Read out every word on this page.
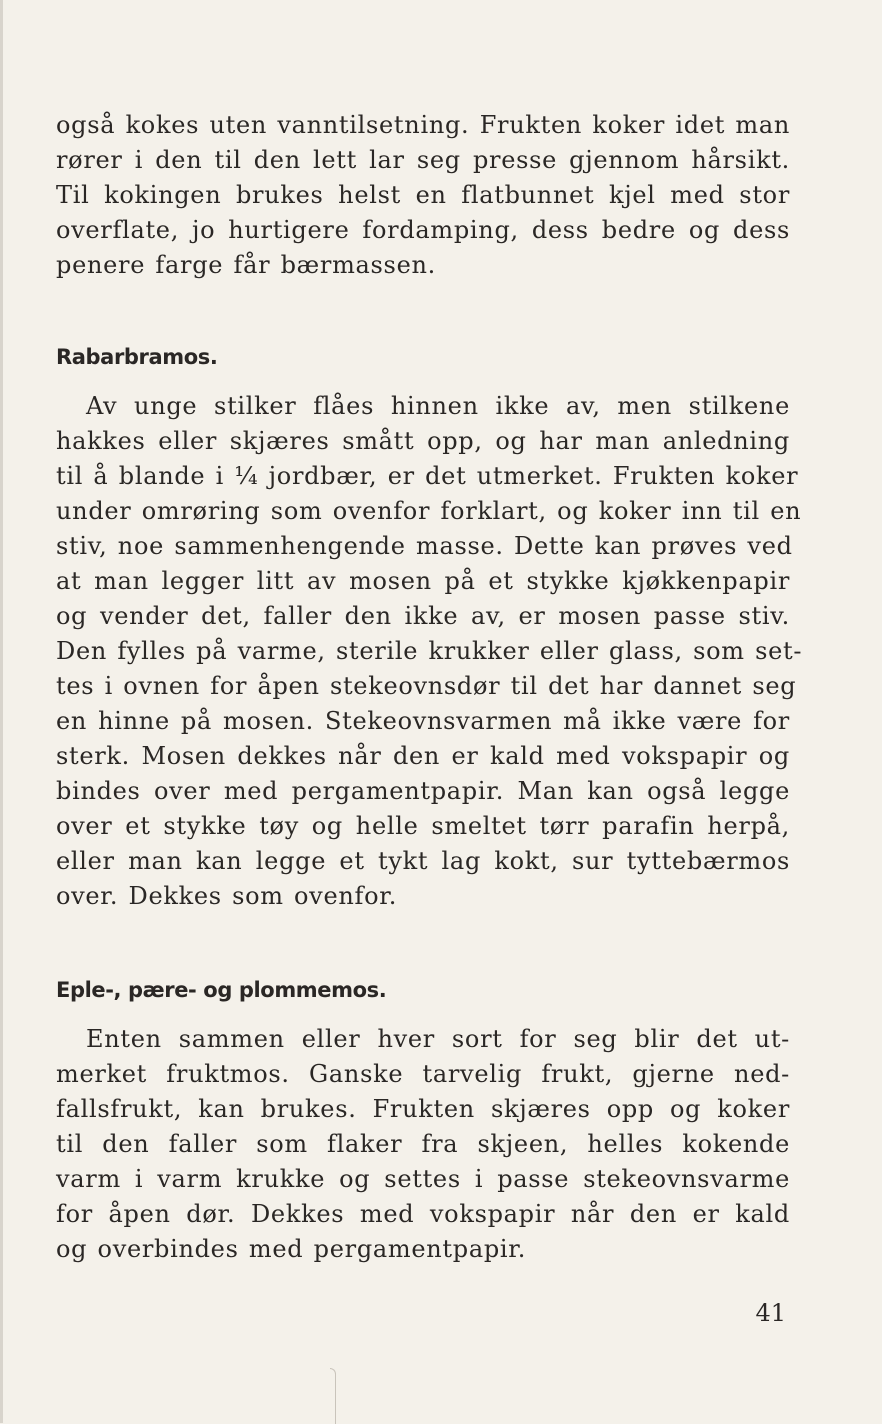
også kokes uten vanntilsetning. Frukten koker idet man

rører i den til den lett lar seg presse gjennom hårsikt.

Til kokingen brukes helst en flatbunnet kjel med stor

overflate, jo hurtigere fordamping, dess bedre og dess

penere farge får bærmassen.

Rabarbramos.

Av unge stilker flåes hinnen ikke av, men stilkene

hakkes eller skjæres smått opp, og har man anledning

til å blande i ¼ jordbær, er det utmerket. Frukten koker

under omrøring som ovenfor forklart, og koker inn til en

stiv, noe sammenhengende masse. Dette kan prøves ved

at man legger litt av mosen på et stykke kjøkkenpapir

og vender det, faller den ikke av, er mosen passe stiv.

Den fylles på varme, sterile krukker eller glass, som set-

tes i ovnen for åpen stekeovnsdør til det har dannet seg

en hinne på mosen. Stekeovnsvarmen må ikke være for

sterk. Mosen dekkes når den er kald med vokspapir og

bindes over med pergamentpapir. Man kan også legge

over et stykke tøy og helle smeltet tørr parafin herpå,

eller man kan legge et tykt lag kokt, sur tyttebærmos

over. Dekkes som ovenfor.

Eple-, pære- og plommemos.

Enten sammen eller hver sort for seg blir det ut-

merket fruktmos. Ganske tarvelig frukt, gjerne ned-

fallsfrukt, kan brukes. Frukten skjæres opp og koker

til den faller som flaker fra skjeen, helles kokende

varm i varm krukke og settes i passe stekeovnsvarme

for åpen dør. Dekkes med vokspapir når den er kald

og overbindes med pergamentpapir.

41
